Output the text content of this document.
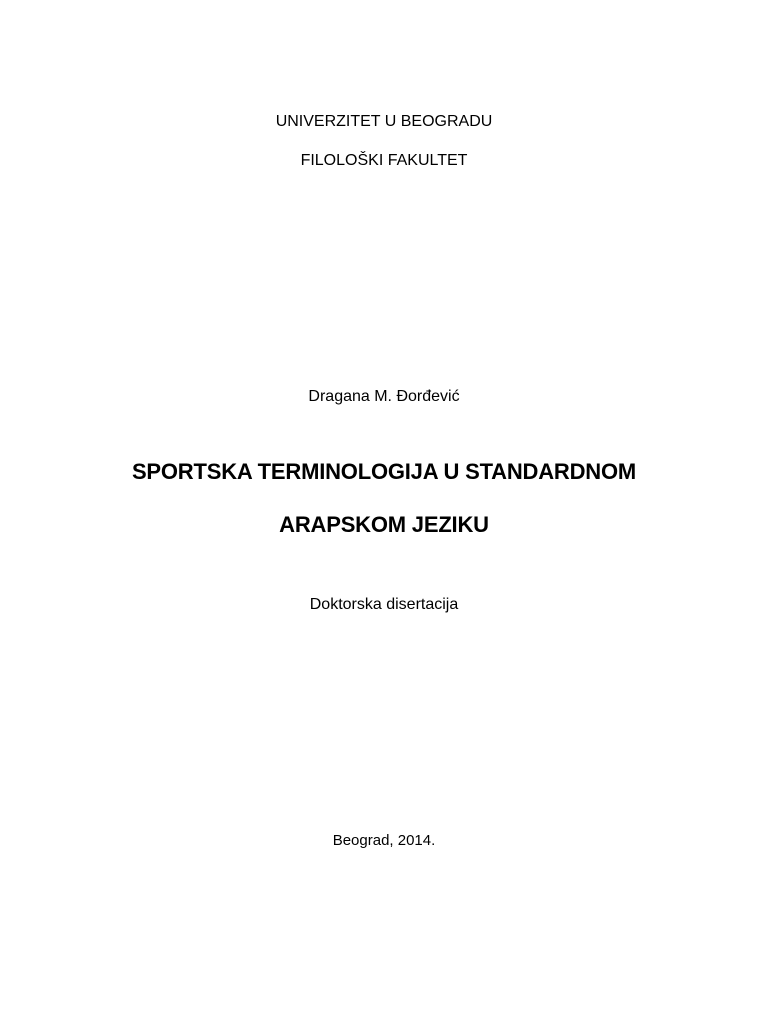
UNIVERZITET U BEOGRADU
FILOLOŠKI FAKULTET
Dragana M. Đorđević
SPORTSKA TERMINOLOGIJA U STANDARDNOM
ARAPSKOM JEZIKU
Doktorska disertacija
Beograd, 2014.
